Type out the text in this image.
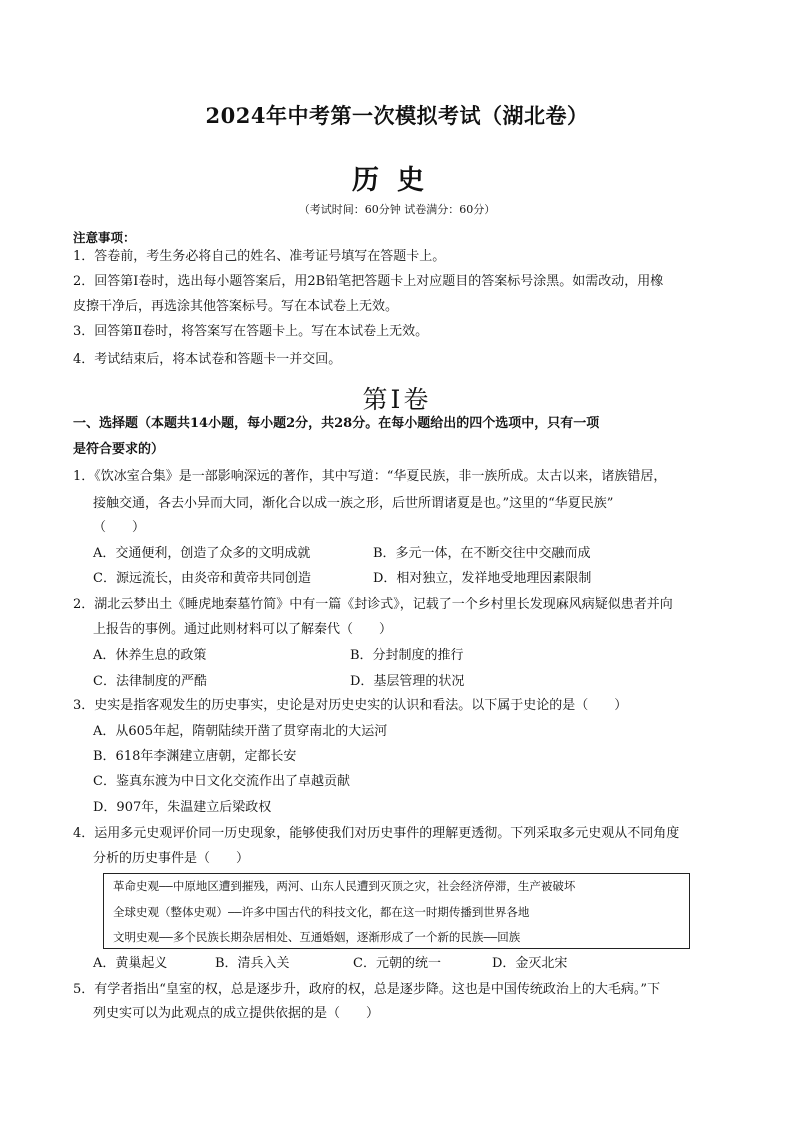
2024年中考第一次模拟考试（湖北卷）
历史
（考试时间：60分钟 试卷满分：60分）
注意事项：
1．答卷前，考生务必将自己的姓名、准考证号填写在答题卡上。
2．回答第Ⅰ卷时，选出每小题答案后，用2B铅笔把答题卡上对应题目的答案标号涂黑。如需改动，用橡
皮擦干净后，再选涂其他答案标号。写在本试卷上无效。
3．回答第Ⅱ卷时，将答案写在答题卡上。写在本试卷上无效。
4．考试结束后，将本试卷和答题卡一并交回。
第Ⅰ卷
一、选择题（本题共14小题，每小题2分，共28分。在每小题给出的四个选项中，只有一项
是符合要求的）
1．《饮冰室合集》是一部影响深远的著作，其中写道：“华夏民族，非一族所成。太古以来，诸族错居，
接触交通，各去小异而大同，渐化合以成一族之形，后世所谓诸夏是也。”这里的“华夏民族”
（　　）
A．交通便利，创造了众多的文明成就	B．多元一体，在不断交往中交融而成
C．源远流长，由炎帝和黄帝共同创造	D．相对独立，发祥地受地理因素限制
2．湖北云梦出土《睡虎地秦墓竹简》中有一篇《封诊式》，记载了一个乡村里长发现麻风病疑似患者并向
上报告的事例。通过此则材料可以了解秦代（　　）
A．休养生息的政策	B．分封制度的推行
C．法律制度的严酷	D．基层管理的状况
3．史实是指客观发生的历史事实，史论是对历史史实的认识和看法。以下属于史论的是（　　）
A．从605年起，隋朝陆续开凿了贯穿南北的大运河
B．618年李渊建立唐朝，定都长安
C．鉴真东渡为中日文化交流作出了卓越贡献
D．907年，朱温建立后梁政权
4．运用多元史观评价同一历史现象，能够使我们对历史事件的理解更透彻。下列采取多元史观从不同角度
分析的历史事件是（　　）
革命史观——中原地区遭到摧残，两河、山东人民遭到灭顶之灾，社会经济停滞，生产被破坏
全球史观（整体史观）——许多中国古代的科技文化，都在这一时期传播到世界各地
文明史观——多个民族长期杂居相处、互通婚姻，逐渐形成了一个新的民族——回族
A．黄巢起义	B．清兵入关	C．元朝的统一	D．金灭北宋
5．有学者指出“皇室的权，总是逐步升，政府的权，总是逐步降。这也是中国传统政治上的大毛病。”下
列史实可以为此观点的成立提供依据的是（　　）
